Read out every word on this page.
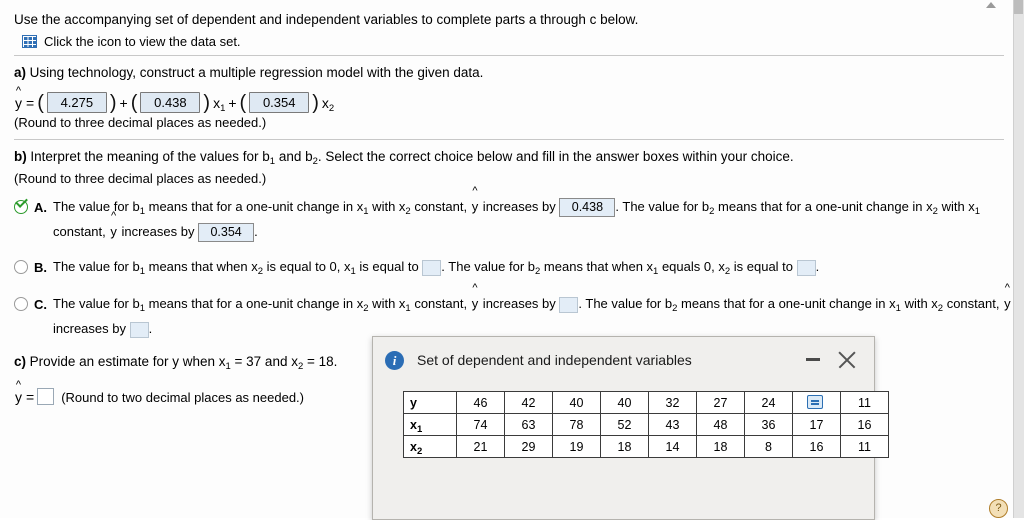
Use the accompanying set of dependent and independent variables to complete parts a through c below.
Click the icon to view the data set.
a) Using technology, construct a multiple regression model with the given data.
^ y = (	4.275 ) + (	0.438 ) $x_1$ + (	0.354 ) $x_2$
(Round to three decimal places as needed.)
b) Interpret the meaning of the values for $b_1$ and $b_2$. Select the correct choice below and fill in the answer boxes within your choice.
(Round to three decimal places as needed.)
A. The value for $b_1$ means that for a one-unit change in $x_1$ with $x_2$ constant, ^ y increases by 0.438 . The value for $b_2$ means that for a one-unit change in $x_2$ with $x_1$ constant, ^ y increases by 0.354 .
B. The value for $b_1$ means that when $x_2$ is equal to 0, $x_1$ is equal to . The value for $b_2$ means that when $x_1$ equals 0, $x_2$ is equal to .
C. The value for $b_1$ means that for a one-unit change in $x_2$ with $x_1$ constant, ^ y increases by . The value for $b_2$ means that for a one-unit change in $x_1$ with $x_2$ constant, ^ y increases by .
c) Provide an estimate for y when $x_1 = 37$ and $x_2 = 18$.
^ y = (Round to two decimal places as needed.)
i	Set of dependent and independent variables
y	46	42	40	40	32	27	24		11
$x_1$	74	63	78	52	43	48	36	17	16
$x_2$	21	29	19	18	14	18	8	16	11
?
